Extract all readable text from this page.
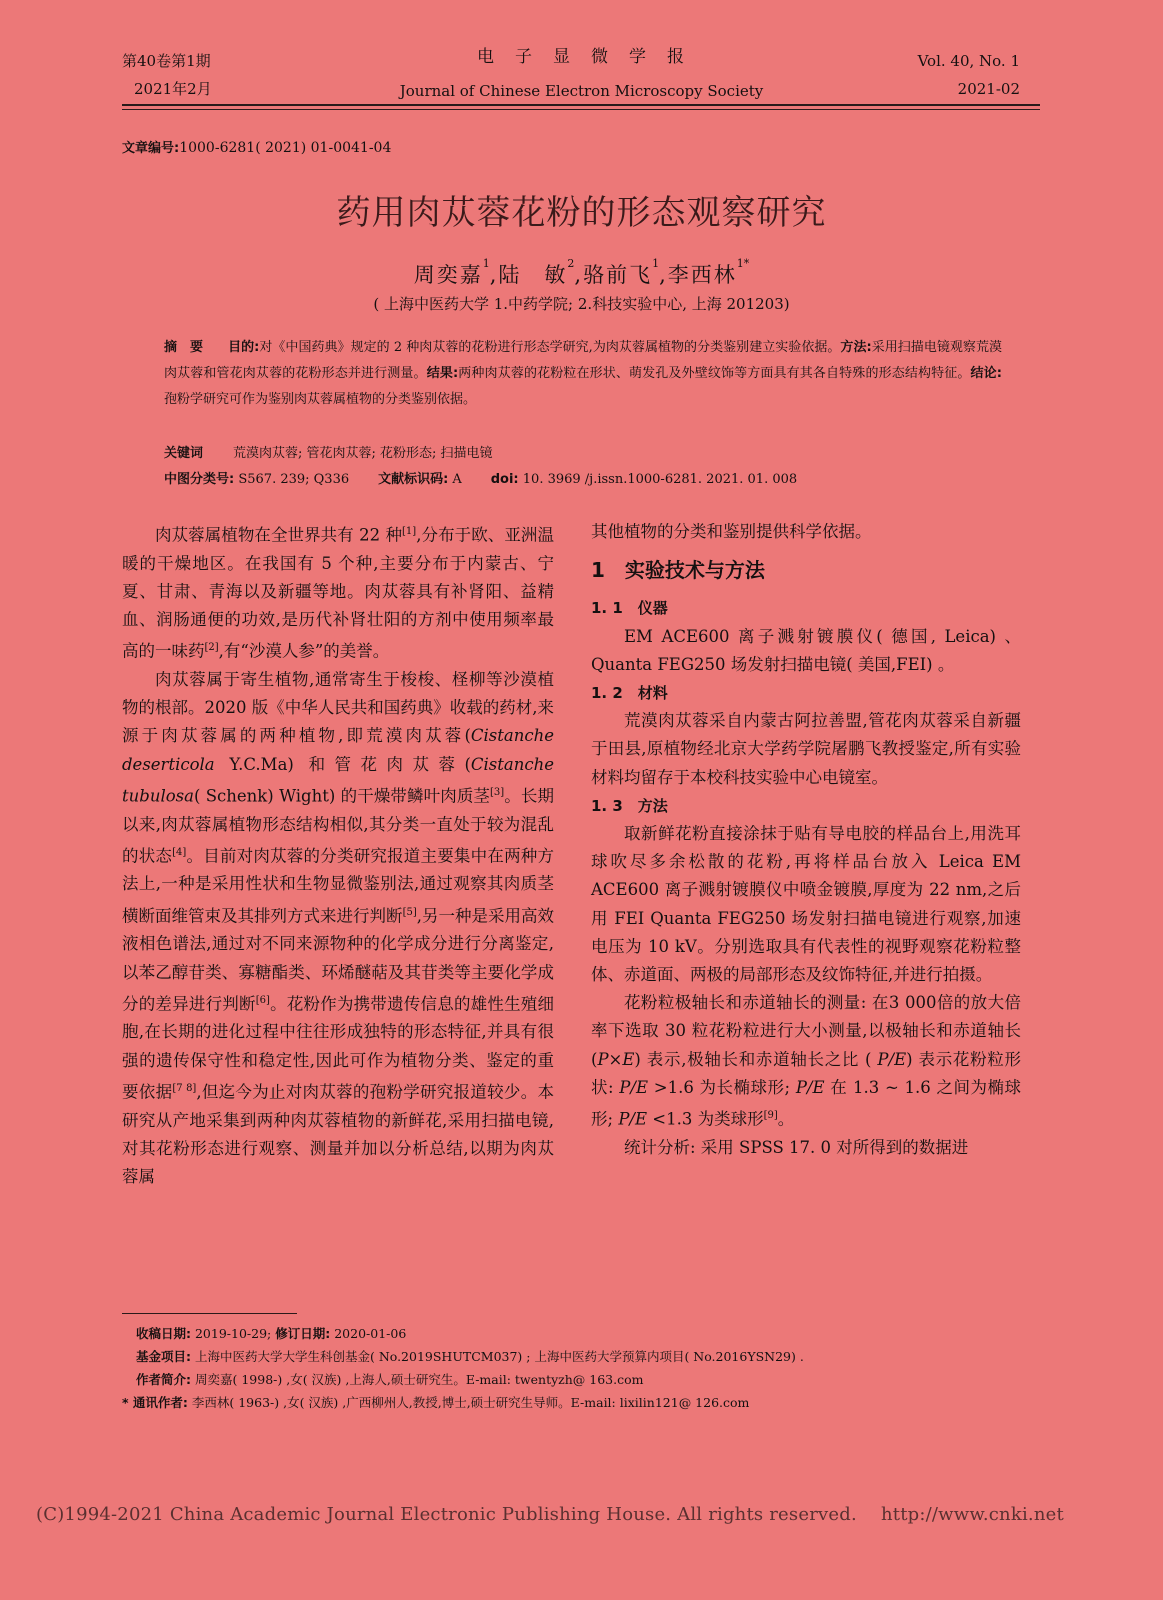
第40卷第1期
2021年2月
电　子　显　微　学　报
Journal of Chinese Electron Microscopy Society
Vol. 40, No. 1
2021-02
文章编号:1000-6281( 2021) 01-0041-04
药用肉苁蓉花粉的形态观察研究
周奕嘉$^1$,陆　敏$^2$,骆前飞$^1$,李西林$^{1*}$
( 上海中医药大学 1.中药学院; 2.科技实验中心, 上海 201203)

摘　要 目的:对《中国药典》规定的 2 种肉苁蓉的花粉进行形态学研究,为肉苁蓉属植物的分类鉴别建立实验依据。方法:采用扫描电镜观察荒漠肉苁蓉和管花肉苁蓉的花粉形态并进行测量。结果:两种肉苁蓉的花粉粒在形状、萌发孔及外壁纹饰等方面具有其各自特殊的形态结构特征。结论:孢粉学研究可作为鉴别肉苁蓉属植物的分类鉴别依据。

关键词 荒漠肉苁蓉; 管花肉苁蓉; 花粉形态; 扫描电镜
中图分类号: S567. 239; Q336 文献标识码: A doi: 10. 3969 /j.issn.1000-6281. 2021. 01. 008

肉苁蓉属植物在全世界共有 22 种[1],分布于欧、亚洲温暖的干燥地区。在我国有 5 个种,主要分布于内蒙古、宁夏、甘肃、青海以及新疆等地。肉苁蓉具有补肾阳、益精血、润肠通便的功效,是历代补肾壮阳的方剂中使用频率最高的一味药[2],有“沙漠人参”的美誉。

肉苁蓉属于寄生植物,通常寄生于梭梭、柽柳等沙漠植物的根部。2020 版《中华人民共和国药典》收载的药材,来源于肉苁蓉属的两种植物,即荒漠肉苁蓉(Cistanche deserticola Y.C.Ma) 和管花肉苁蓉(Cistanche tubulosa( Schenk) Wight) 的干燥带鳞叶肉质茎[3]。长期以来,肉苁蓉属植物形态结构相似,其分类一直处于较为混乱的状态[4]。目前对肉苁蓉的分类研究报道主要集中在两种方法上,一种是采用性状和生物显微鉴别法,通过观察其肉质茎横断面维管束及其排列方式来进行判断[5],另一种是采用高效液相色谱法,通过对不同来源物种的化学成分进行分离鉴定,以苯乙醇苷类、寡糖酯类、环烯醚萜及其苷类等主要化学成分的差异进行判断[6]。花粉作为携带遗传信息的雄性生殖细胞,在长期的进化过程中往往形成独特的形态特征,并具有很强的遗传保守性和稳定性,因此可作为植物分类、鉴定的重要依据[7 8],但迄今为止对肉苁蓉的孢粉学研究报道较少。本研究从产地采集到两种肉苁蓉植物的新鲜花,采用扫描电镜,对其花粉形态进行观察、测量并加以分析总结,以期为肉苁蓉属

其他植物的分类和鉴别提供科学依据。

1　实验技术与方法

1. 1　仪器

EM ACE600 离子溅射镀膜仪( 德国, Leica) 、Quanta FEG250 场发射扫描电镜( 美国,FEI) 。

1. 2　材料

荒漠肉苁蓉采自内蒙古阿拉善盟,管花肉苁蓉采自新疆于田县,原植物经北京大学药学院屠鹏飞教授鉴定,所有实验材料均留存于本校科技实验中心电镜室。

1. 3　方法

取新鲜花粉直接涂抹于贴有导电胶的样品台上,用洗耳球吹尽多余松散的花粉,再将样品台放入 Leica EM ACE600 离子溅射镀膜仪中喷金镀膜,厚度为 22 nm,之后用 FEI Quanta FEG250 场发射扫描电镜进行观察,加速电压为 10 kV。分别选取具有代表性的视野观察花粉粒整体、赤道面、两极的局部形态及纹饰特征,并进行拍摄。

花粉粒极轴长和赤道轴长的测量: 在3 000倍的放大倍率下选取 30 粒花粉粒进行大小测量,以极轴长和赤道轴长(P×E) 表示,极轴长和赤道轴长之比 ( P/E) 表示花粉粒形状: P/E >1.6 为长椭球形; P/E 在 1.3 ~ 1.6 之间为椭球形; P/E <1.3 为类球形[9]。

统计分析: 采用 SPSS 17. 0 对所得到的数据进

收稿日期: 2019-10-29; 修订日期: 2020-01-06

基金项目: 上海中医药大学大学生科创基金( No.2019SHUTCM037) ; 上海中医药大学预算内项目( No.2016YSN29) .

作者简介: 周奕嘉( 1998-) ,女( 汉族) ,上海人,硕士研究生。E-mail: twentyzh@ 163.com

* 通讯作者: 李西林( 1963-) ,女( 汉族) ,广西柳州人,教授,博士,硕士研究生导师。E-mail: lixilin121@ 126.com

(C)1994-2021 China Academic Journal Electronic Publishing House. All rights reserved.　 http://www.cnki.net
